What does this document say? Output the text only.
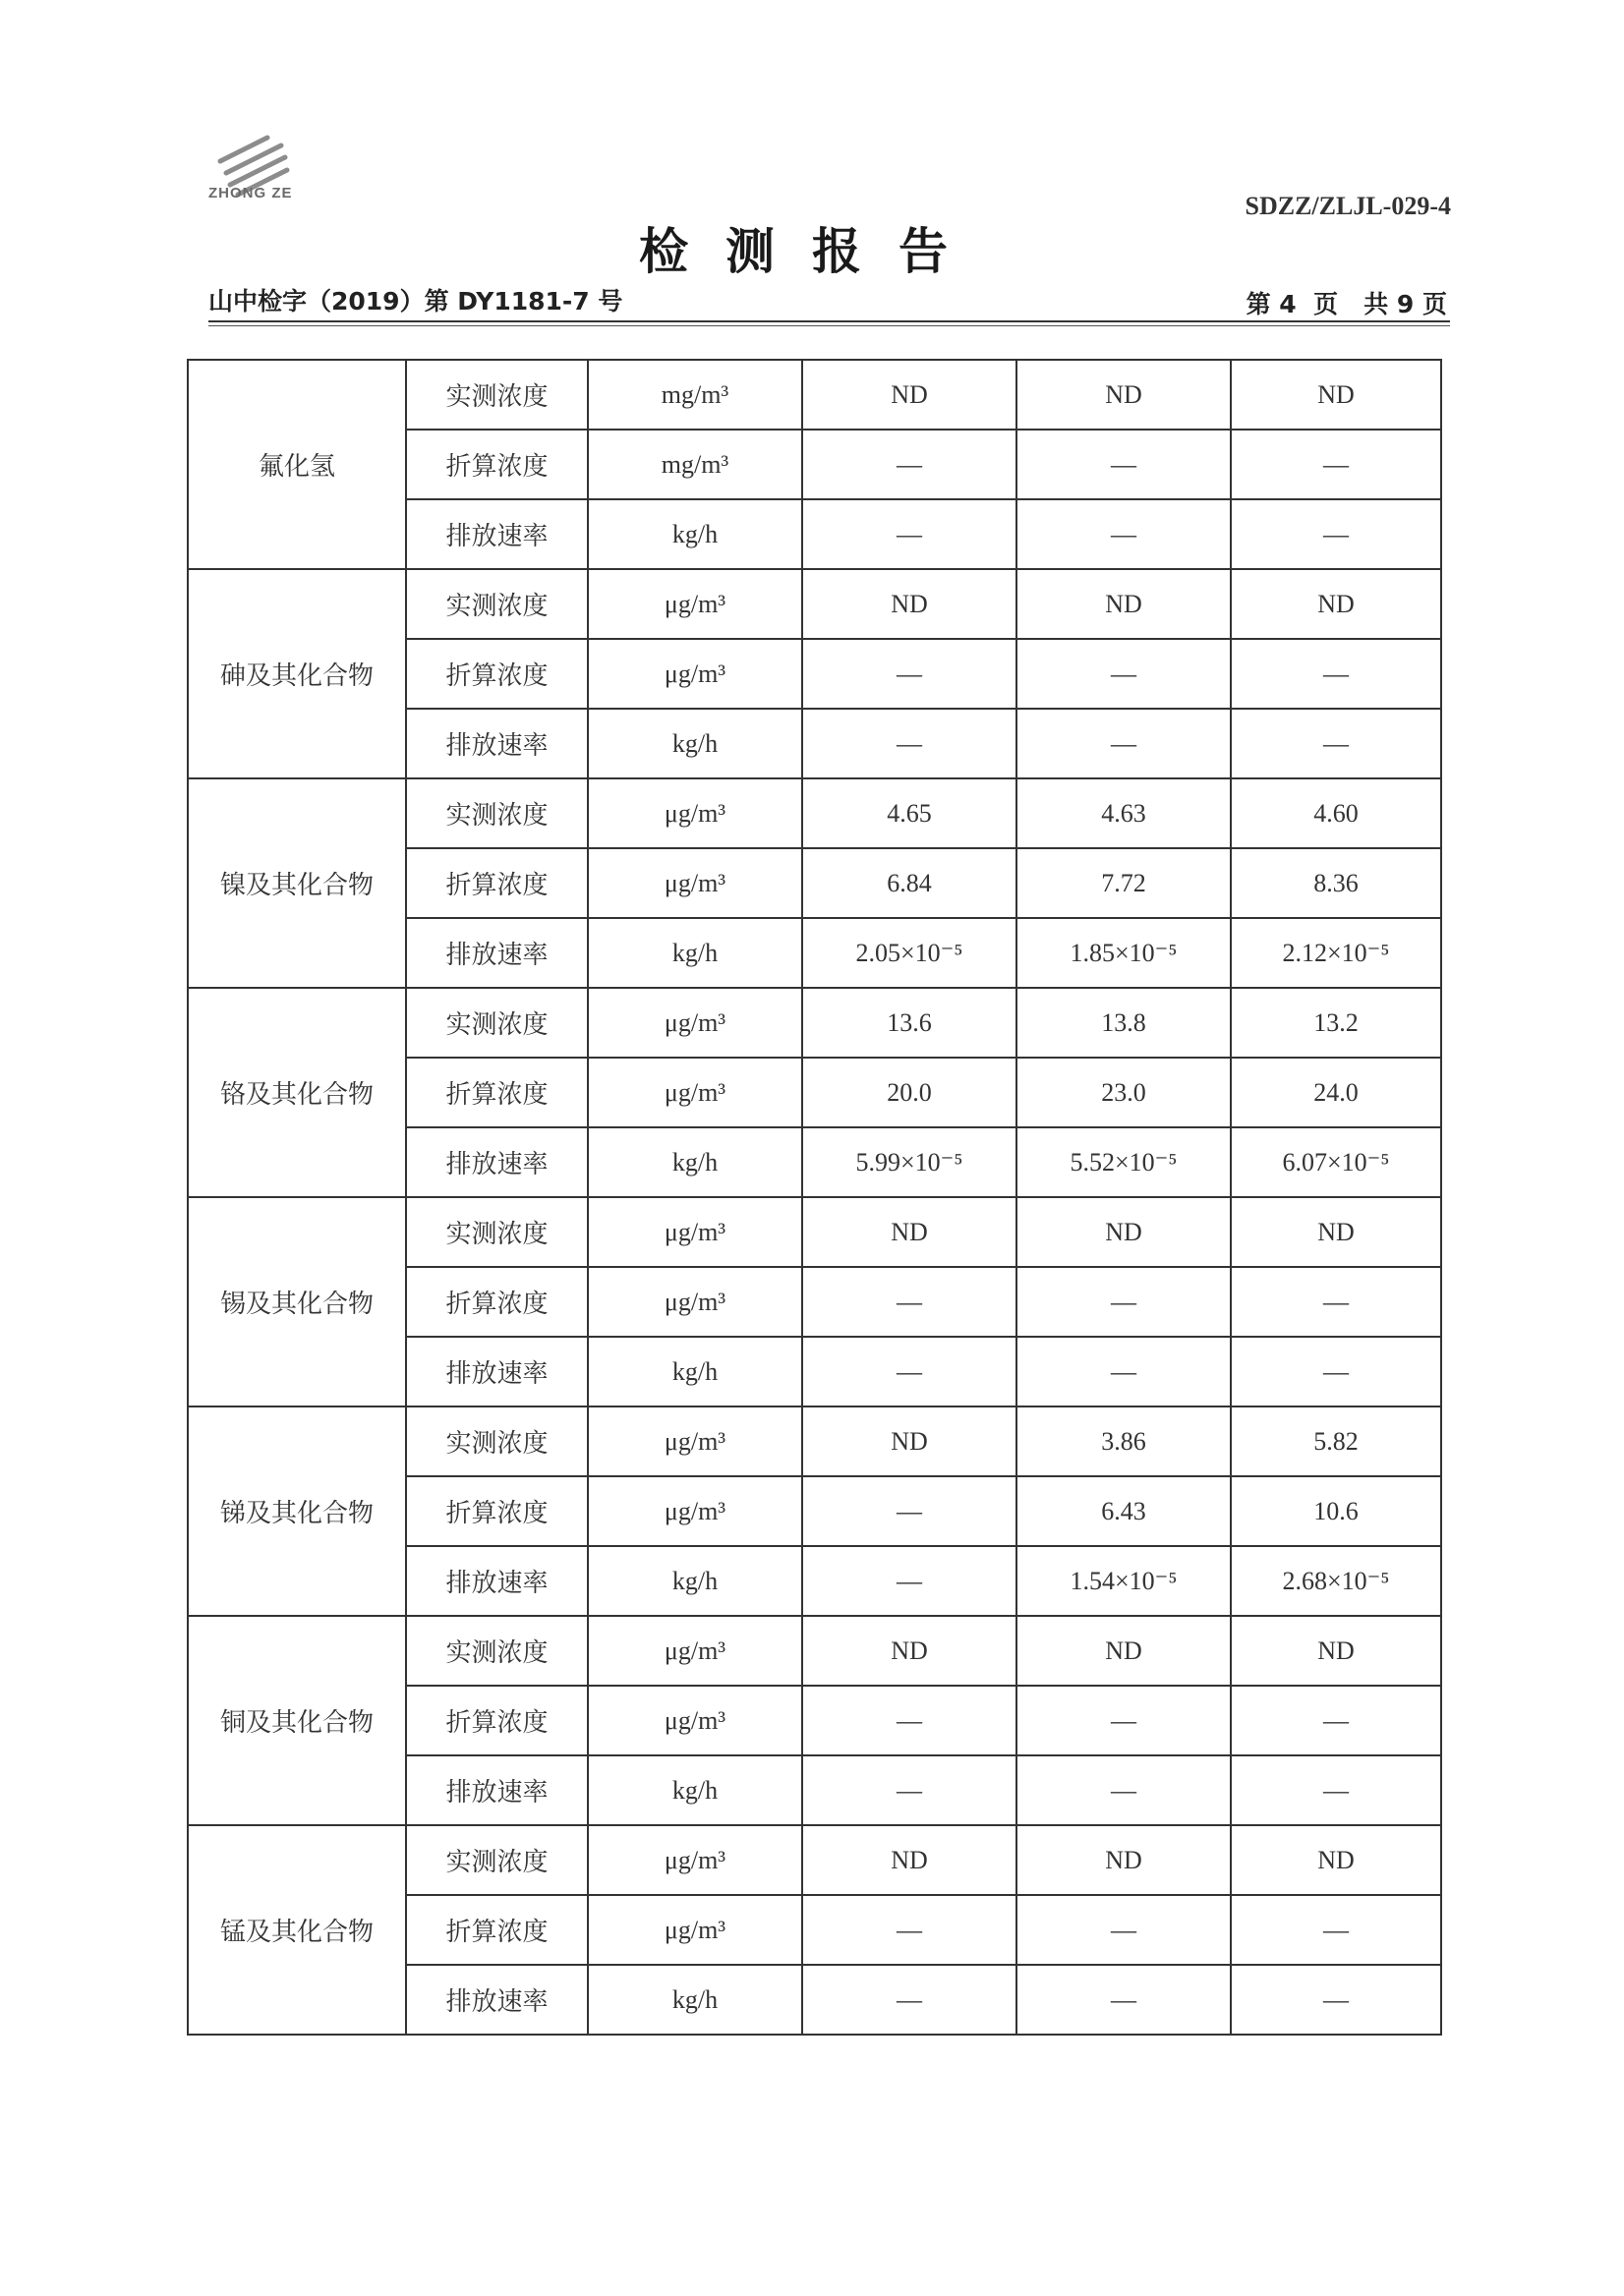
ZHONG ZE	SDZZ/ZLJL-029-4
检测报告
山中检字（2019）第 DY1181-7 号	第 4  页   共 9 页
氟化氢	实测浓度	mg/m³	ND	ND	ND
	折算浓度	mg/m³	—	—	—
	排放速率	kg/h	—	—	—
砷及其化合物	实测浓度	μg/m³	ND	ND	ND
	折算浓度	μg/m³	—	—	—
	排放速率	kg/h	—	—	—
镍及其化合物	实测浓度	μg/m³	4.65	4.63	4.60
	折算浓度	μg/m³	6.84	7.72	8.36
	排放速率	kg/h	2.05×10⁻⁵	1.85×10⁻⁵	2.12×10⁻⁵
铬及其化合物	实测浓度	μg/m³	13.6	13.8	13.2
	折算浓度	μg/m³	20.0	23.0	24.0
	排放速率	kg/h	5.99×10⁻⁵	5.52×10⁻⁵	6.07×10⁻⁵
锡及其化合物	实测浓度	μg/m³	ND	ND	ND
	折算浓度	μg/m³	—	—	—
	排放速率	kg/h	—	—	—
锑及其化合物	实测浓度	μg/m³	ND	3.86	5.82
	折算浓度	μg/m³	—	6.43	10.6
	排放速率	kg/h	—	1.54×10⁻⁵	2.68×10⁻⁵
铜及其化合物	实测浓度	μg/m³	ND	ND	ND
	折算浓度	μg/m³	—	—	—
	排放速率	kg/h	—	—	—
锰及其化合物	实测浓度	μg/m³	ND	ND	ND
	折算浓度	μg/m³	—	—	—
	排放速率	kg/h	—	—	—
